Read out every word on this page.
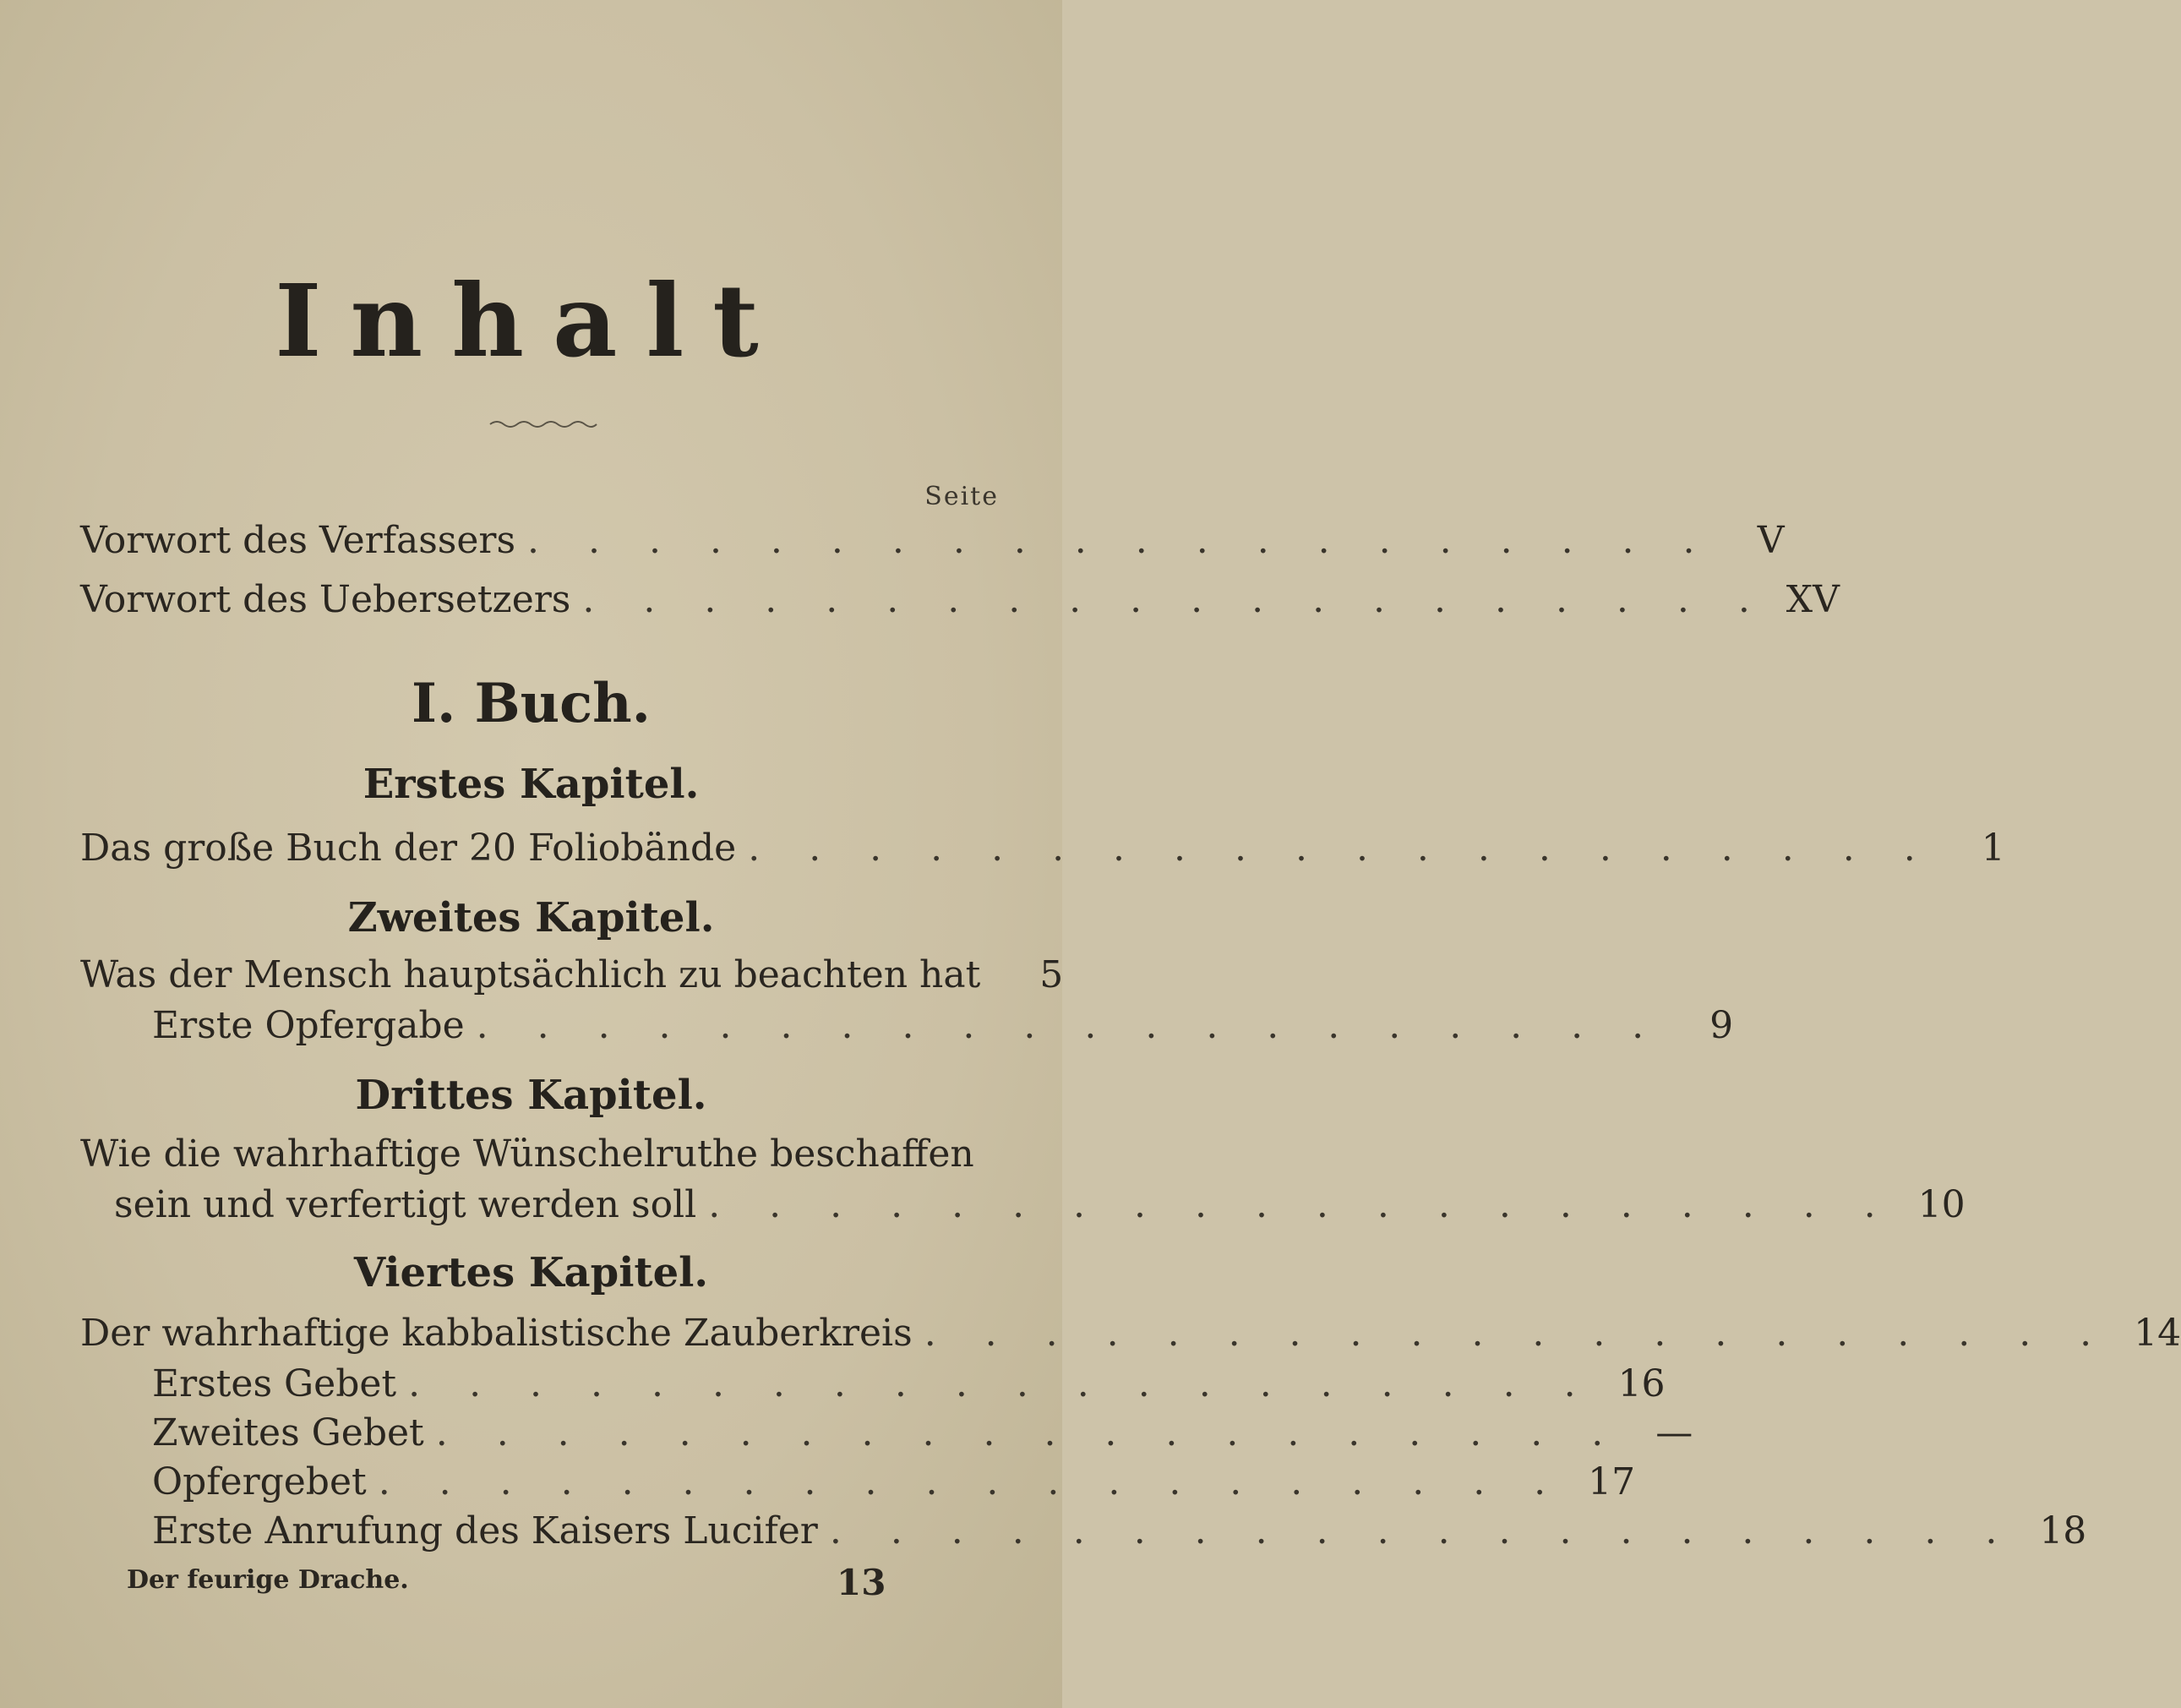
Inhalt
Seite
Vorwort des Verfassers . . . . . . . . . . . . . . . . . . . .	V
Vorwort des Uebersetzers . . . . . . . . . . . . . . . . . . . . XV
I. Buch.
Erstes Kapitel.
Das große Buch der 20 Foliobände . . . . . . . . . . . . . . . . . . . .	1
Zweites Kapitel.
Was der Mensch hauptsächlich zu beachten hat	5
Erste Opfergabe . . . . . . . . . . . . . . . . . . . .	9
Drittes Kapitel.
Wie die wahrhaftige Wünschelruthe beschaffen
sein und verfertigt werden soll . . . . . . . . . . . . . . . . . . . . 10
Viertes Kapitel.
Der wahrhaftige kabbalistische Zauberkreis . . . . . . . . . . . . . . . . . . . . 14
Erstes Gebet . . . . . . . . . . . . . . . . . . . . 16
Zweites Gebet . . . . . . . . . . . . . . . . . . . . —
Opfergebet . . . . . . . . . . . . . . . . . . . . 17
Erste Anrufung des Kaisers Lucifer . . . . . . . . . . . . . . . . . . . . 18
Der feurige Drache.	13
